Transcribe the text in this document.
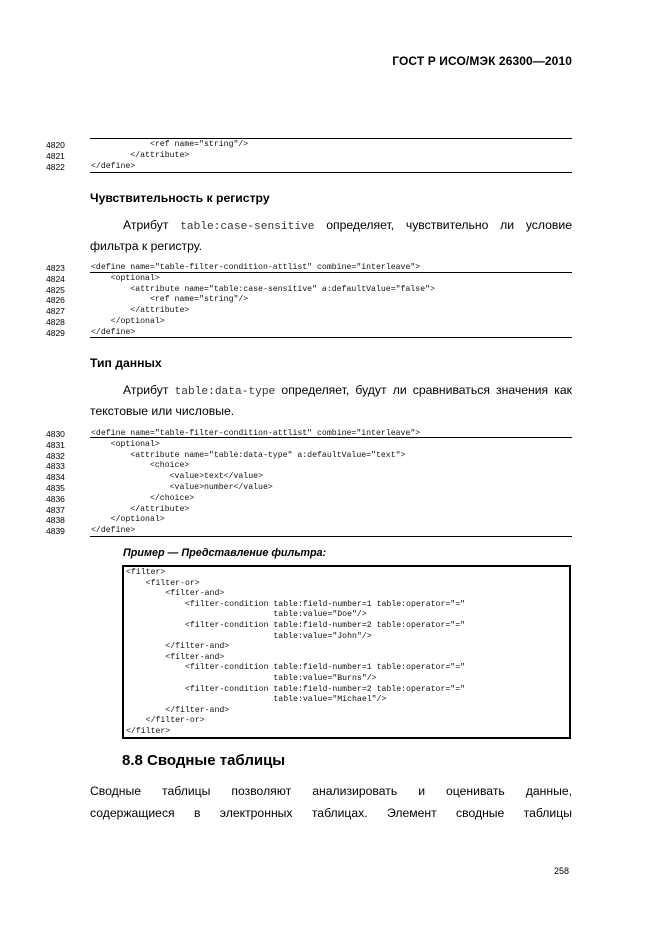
ГОСТ Р ИСО/МЭК 26300—2010
4820	<ref name="string"/>
4821	</attribute>
4822	</define>
Чувствительность к регистру
Атрибут table:case-sensitive определяет, чувствительно ли условие
фильтра к регистру.
4823	<define name="table-filter-condition-attlist" combine="interleave">
4824	<optional>
4825	<attribute name="table:case-sensitive" a:defaultValue="false">
4826	<ref name="string"/>
4827	</attribute>
4828	</optional>
4829	</define>
Тип данных
Атрибут table:data-type определяет, будут ли сравниваться значения как
текстовые или числовые.
4830	<define name="table-filter-condition-attlist" combine="interleave">
4831	<optional>
4832	<attribute name="table:data-type" a:defaultValue="text">
4833	<choice>
4834	<value>text</value>
4835	<value>number</value>
4836	</choice>
4837	</attribute>
4838	</optional>
4839	</define>
Пример — Представление фильтра:
<filter>
<filter-or>
<filter-and>
<filter-condition table:field-number=1 table:operator="="
table:value="Doe"/>
<filter-condition table:field-number=2 table:operator="="
table:value="John"/>
</filter-and>
<filter-and>
<filter-condition table:field-number=1 table:operator="="
table:value="Burns"/>
<filter-condition table:field-number=2 table:operator="="
table:value="Michael"/>
</filter-and>
</filter-or>
</filter>
8.8 Сводные таблицы
Сводные таблицы позволяют анализировать и оценивать данные,
содержащиеся в электронных таблицах. Элемент сводные таблицы
258
